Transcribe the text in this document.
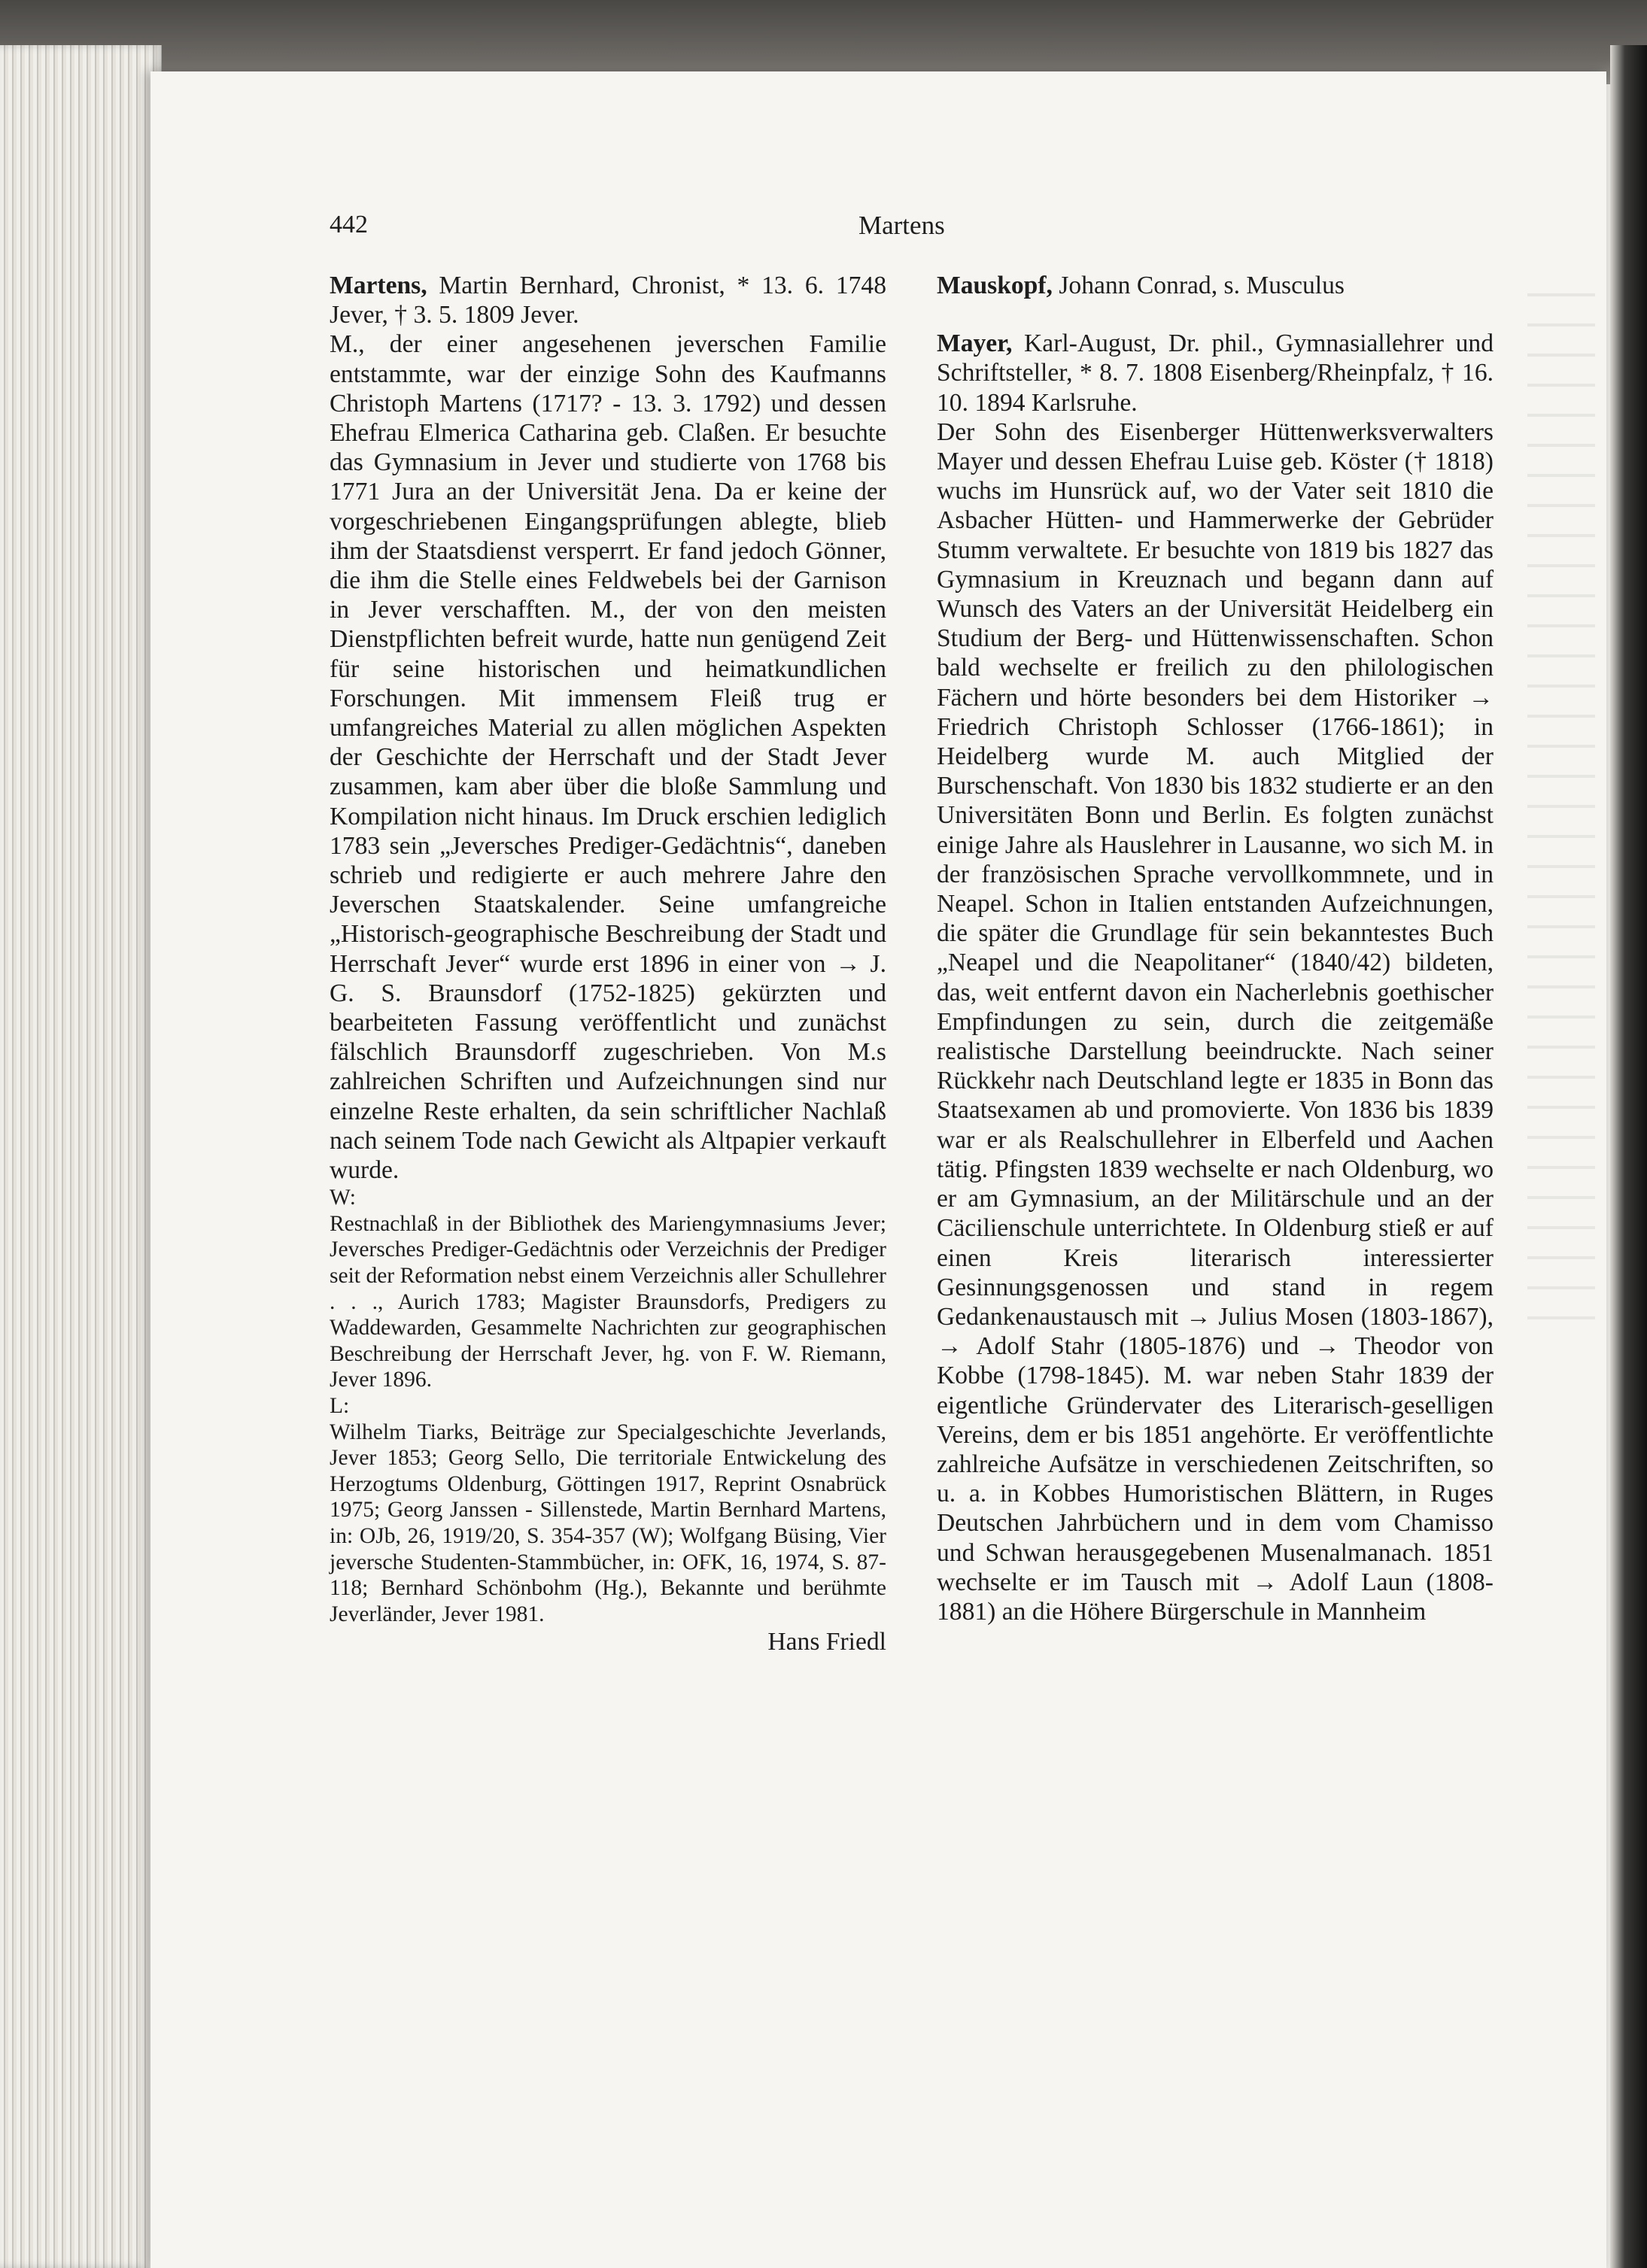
442	Martens

Martens, Martin Bernhard, Chronist, * 13. 6. 1748 Jever, † 3. 5. 1809 Jever.

M., der einer angesehenen jeverschen Familie entstammte, war der einzige Sohn des Kaufmanns Christoph Martens (1717? - 13. 3. 1792) und dessen Ehefrau Elmerica Catharina geb. Claßen. Er besuchte das Gymnasium in Jever und studierte von 1768 bis 1771 Jura an der Universität Jena. Da er keine der vorgeschriebenen Eingangsprüfungen ablegte, blieb ihm der Staatsdienst versperrt. Er fand jedoch Gönner, die ihm die Stelle eines Feldwebels bei der Garnison in Jever verschafften. M., der von den meisten Dienstpflichten befreit wurde, hatte nun genügend Zeit für seine historischen und heimatkundlichen Forschungen. Mit immensem Fleiß trug er umfangreiches Material zu allen möglichen Aspekten der Geschichte der Herrschaft und der Stadt Jever zusammen, kam aber über die bloße Sammlung und Kompilation nicht hinaus. Im Druck erschien lediglich 1783 sein „Jeversches Prediger-Gedächtnis“, daneben schrieb und redigierte er auch mehrere Jahre den Jeverschen Staatskalender. Seine umfangreiche „Historisch-geographische Beschreibung der Stadt und Herrschaft Jever“ wurde erst 1896 in einer von → J. G. S. Braunsdorf (1752-1825) gekürzten und bearbeiteten Fassung veröffentlicht und zunächst fälschlich Braunsdorff zugeschrieben. Von M.s zahlreichen Schriften und Aufzeichnungen sind nur einzelne Reste erhalten, da sein schriftlicher Nachlaß nach seinem Tode nach Gewicht als Altpapier verkauft wurde.

W:

Restnachlaß in der Bibliothek des Mariengymnasiums Jever; Jeversches Prediger-Gedächtnis oder Verzeichnis der Prediger seit der Reformation nebst einem Verzeichnis aller Schullehrer . . ., Aurich 1783; Magister Braunsdorfs, Predigers zu Waddewarden, Gesammelte Nachrichten zur geographischen Beschreibung der Herrschaft Jever, hg. von F. W. Riemann, Jever 1896.

L:

Wilhelm Tiarks, Beiträge zur Specialgeschichte Jeverlands, Jever 1853; Georg Sello, Die territoriale Entwickelung des Herzogtums Oldenburg, Göttingen 1917, Reprint Osnabrück 1975; Georg Janssen - Sillenstede, Martin Bernhard Martens, in: OJb, 26, 1919/20, S. 354-357 (W); Wolfgang Büsing, Vier jeversche Studenten-Stammbücher, in: OFK, 16, 1974, S. 87-118; Bernhard Schönbohm (Hg.), Bekannte und berühmte Jeverländer, Jever 1981.

Hans Friedl

Mauskopf, Johann Conrad, s. Musculus

Mayer, Karl-August, Dr. phil., Gymnasiallehrer und Schriftsteller, * 8. 7. 1808 Eisenberg/Rheinpfalz, † 16. 10. 1894 Karlsruhe.

Der Sohn des Eisenberger Hüttenwerksverwalters Mayer und dessen Ehefrau Luise geb. Köster († 1818) wuchs im Hunsrück auf, wo der Vater seit 1810 die Asbacher Hütten- und Hammerwerke der Gebrüder Stumm verwaltete. Er besuchte von 1819 bis 1827 das Gymnasium in Kreuznach und begann dann auf Wunsch des Vaters an der Universität Heidelberg ein Studium der Berg- und Hüttenwissenschaften. Schon bald wechselte er freilich zu den philologischen Fächern und hörte besonders bei dem Historiker → Friedrich Christoph Schlosser (1766-1861); in Heidelberg wurde M. auch Mitglied der Burschenschaft. Von 1830 bis 1832 studierte er an den Universitäten Bonn und Berlin. Es folgten zunächst einige Jahre als Hauslehrer in Lausanne, wo sich M. in der französischen Sprache vervollkommnete, und in Neapel. Schon in Italien entstanden Aufzeichnungen, die später die Grundlage für sein bekanntestes Buch „Neapel und die Neapolitaner“ (1840/42) bildeten, das, weit entfernt davon ein Nacherlebnis goethischer Empfindungen zu sein, durch die zeitgemäße realistische Darstellung beeindruckte. Nach seiner Rückkehr nach Deutschland legte er 1835 in Bonn das Staatsexamen ab und promovierte. Von 1836 bis 1839 war er als Realschullehrer in Elberfeld und Aachen tätig. Pfingsten 1839 wechselte er nach Oldenburg, wo er am Gymnasium, an der Militärschule und an der Cäcilienschule unterrichtete. In Oldenburg stieß er auf einen Kreis literarisch interessierter Gesinnungsgenossen und stand in regem Gedankenaustausch mit → Julius Mosen (1803-1867), → Adolf Stahr (1805-1876) und → Theodor von Kobbe (1798-1845). M. war neben Stahr 1839 der eigentliche Gründervater des Literarisch-geselligen Vereins, dem er bis 1851 angehörte. Er veröffentlichte zahlreiche Aufsätze in verschiedenen Zeitschriften, so u. a. in Kobbes Humoristischen Blättern, in Ruges Deutschen Jahrbüchern und in dem vom Chamisso und Schwan herausgegebenen Musenalmanach. 1851 wechselte er im Tausch mit → Adolf Laun (1808-1881) an die Höhere Bürgerschule in Mannheim
